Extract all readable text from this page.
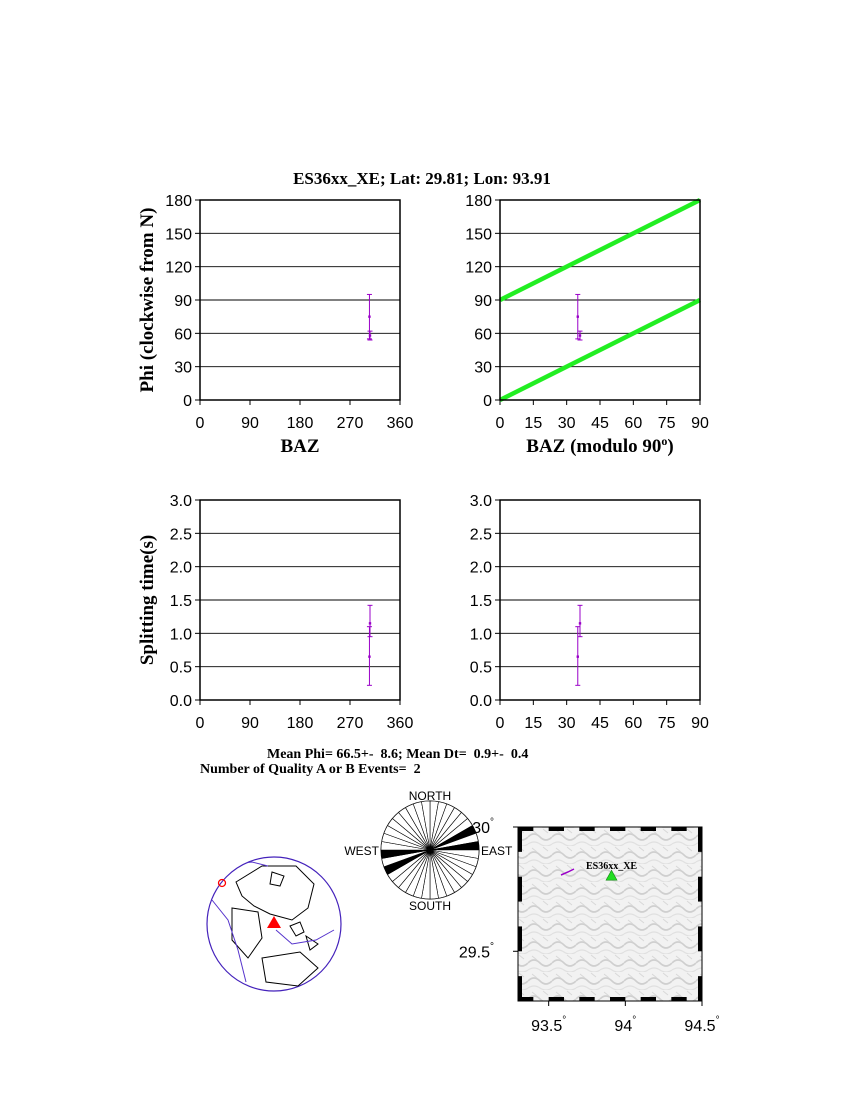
ES36xx_XE; Lat: 29.81; Lon: 93.91
0
30
60
90
120
150
180
0 90 180 270 360
Phi (clockwise from N)
BAZ
0
30
60
90
120
150
180
0 15 30 45 60 75 90
BAZ (modulo 90$^o$)
0.0
0.5
1.0
1.5
2.0
2.5
3.0
0 90 180 270 360
Splitting time(s)
0.0
0.5
1.0
1.5
2.0
2.5
3.0
0 15 30 45 60 75 90
Mean Phi= 66.5+-  8.6; Mean Dt=  0.9+-  0.4
Number of Quality A or B Events=  2
NORTH
SOUTH
EAST
WEST
ES36xx_XE
93.5°	94°	94.5°
29.5°
30°
